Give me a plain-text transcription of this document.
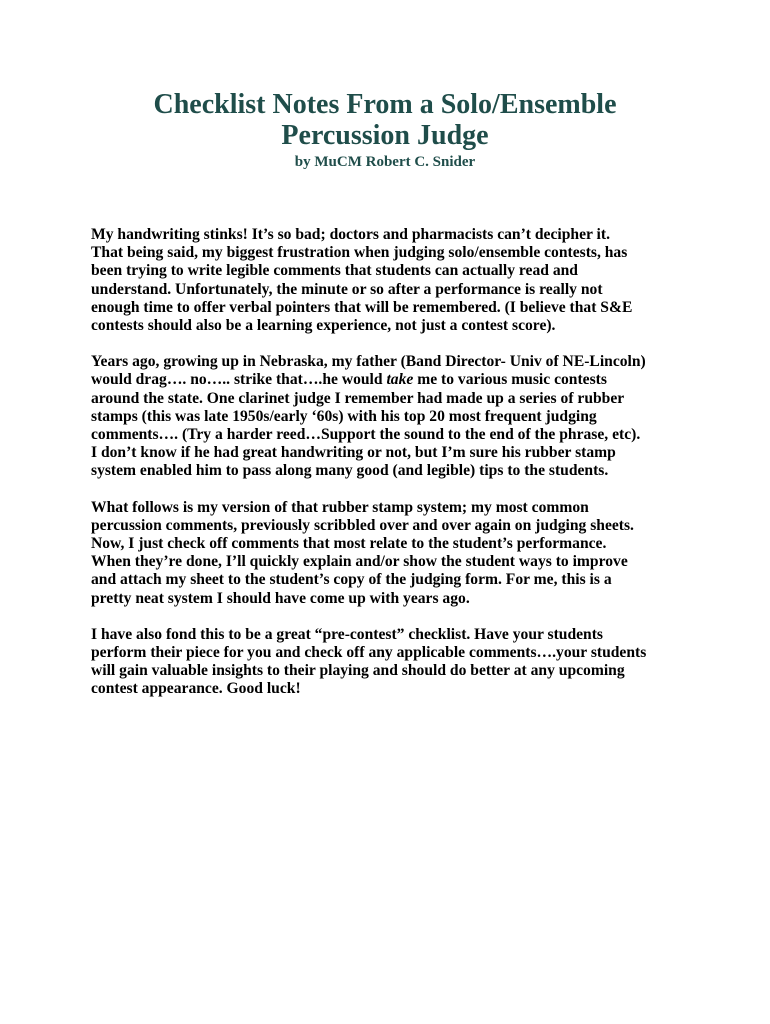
Checklist Notes From a Solo/Ensemble
Percussion Judge

by MuCM Robert C. Snider

My handwriting stinks! It’s so bad; doctors and pharmacists can’t decipher it.
That being said, my biggest frustration when judging solo/ensemble contests, has
been trying to write legible comments that students can actually read and
understand. Unfortunately, the minute or so after a performance is really not
enough time to offer verbal pointers that will be remembered. (I believe that S&E
contests should also be a learning experience, not just a contest score).

Years ago, growing up in Nebraska, my father (Band Director- Univ of NE-Lincoln)
would drag…. no….. strike that….he would take me to various music contests
around the state. One clarinet judge I remember had made up a series of rubber
stamps (this was late 1950s/early ‘60s) with his top 20 most frequent judging
comments…. (Try a harder reed…Support the sound to the end of the phrase, etc).
I don’t know if he had great handwriting or not, but I’m sure his rubber stamp
system enabled him to pass along many good (and legible) tips to the students.

What follows is my version of that rubber stamp system; my most common
percussion comments, previously scribbled over and over again on judging sheets.
Now, I just check off comments that most relate to the student’s performance.
When they’re done, I’ll quickly explain and/or show the student ways to improve
and attach my sheet to the student’s copy of the judging form. For me, this is a
pretty neat system I should have come up with years ago.

I have also fond this to be a great “pre-contest” checklist. Have your students
perform their piece for you and check off any applicable comments….your students
will gain valuable insights to their playing and should do better at any upcoming
contest appearance. Good luck!
